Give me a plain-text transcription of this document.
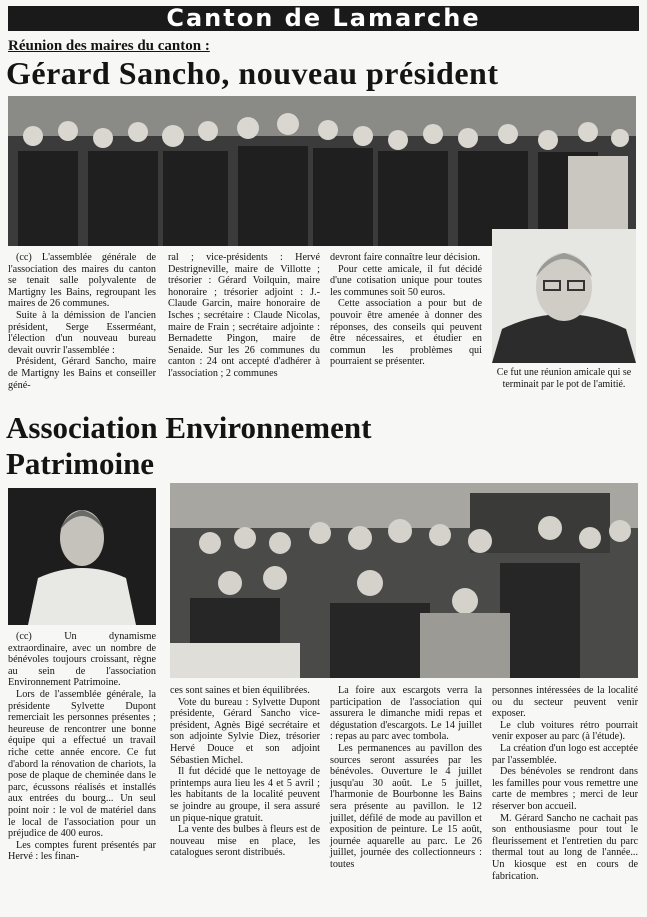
Canton de Lamarche
Réunion des maires du canton :
Gérard Sancho, nouveau président

(cc) L'assemblée générale de l'association des maires du canton se tenait salle polyvalente de Martigny les Bains, regroupant les maires de 26 communes.

Suite à la démission de l'ancien président, Serge Esserméant, l'élection d'un nouveau bureau devait ouvrir l'assemblée :

Président, Gérard Sancho, maire de Martigny les Bains et conseiller géné-

ral ; vice-présidents : Hervé Destrigneville, maire de Villotte ; trésorier : Gérard Voilquin, maire honoraire ; trésorier adjoint : J.-Claude Garcin, maire honoraire de Isches ; secrétaire : Claude Nicolas, maire de Frain ; secrétaire adjointe : Bernadette Pingon, maire de Senaide. Sur les 26 communes du canton : 24 ont accepté d'adhérer à l'association ; 2 communes

devront faire connaître leur décision.

Pour cette amicale, il fut décidé d'une cotisation unique pour toutes les communes soit 50 euros.

Cette association a pour but de pouvoir être amenée à donner des réponses, des conseils qui peuvent être nécessaires, et étudier en commun les problèmes qui pourraient se présenter.

Ce fut une réunion amicale qui se terminait par le pot de l'amitié.
Association Environnement Patrimoine

(cc) Un dynamisme extraordinaire, avec un nombre de bénévoles toujours croissant, règne au sein de l'association Environnement Patrimoine.

Lors de l'assemblée générale, la présidente Sylvette Dupont remerciait les personnes présentes ; heureuse de rencontrer une bonne équipe qui a effectué un travail riche cette année encore. Ce fut d'abord la rénovation de chariots, la pose de plaque de cheminée dans le parc, écussons réalisés et installés aux entrées du bourg... Un seul point noir : le vol de matériel dans le local de l'association pour un préjudice de 400 euros.

Les comptes furent présentés par Hervé : les finan-

ces sont saines et bien équilibrées.

Vote du bureau : Sylvette Dupont présidente, Gérard Sancho vice-président, Agnès Bigé secrétaire et son adjointe Sylvie Diez, trésorier Hervé Douce et son adjoint Sébastien Michel.

Il fut décidé que le nettoyage de printemps aura lieu les 4 et 5 avril ; les habitants de la localité peuvent se joindre au groupe, il sera assuré un pique-nique gratuit.

La vente des bulbes à fleurs est de nouveau mise en place, les catalogues seront distribués.

La foire aux escargots verra la participation de l'association qui assurera le dimanche midi repas et dégustation d'escargots. Le 14 juillet : repas au parc avec tombola.

Les permanences au pavillon des sources seront assurées par les bénévoles. Ouverture le 4 juillet jusqu'au 30 août. Le 5 juillet, l'harmonie de Bourbonne les Bains sera présente au pavillon. le 12 juillet, défilé de mode au pavillon et exposition de peinture. Le 15 août, journée aquarelle au parc. Le 26 juillet, journée des collectionneurs : toutes

personnes intéressées de la localité ou du secteur peuvent venir exposer.

Le club voitures rétro pourrait venir exposer au parc (à l'étude).

La création d'un logo est acceptée par l'assemblée.

Des bénévoles se rendront dans les familles pour vous remettre une carte de membres ; merci de leur réserver bon accueil.

M. Gérard Sancho ne cachait pas son enthousiasme pour tout le fleurissement et l'entretien du parc thermal tout au long de l'année... Un kiosque est en cours de fabrication.
